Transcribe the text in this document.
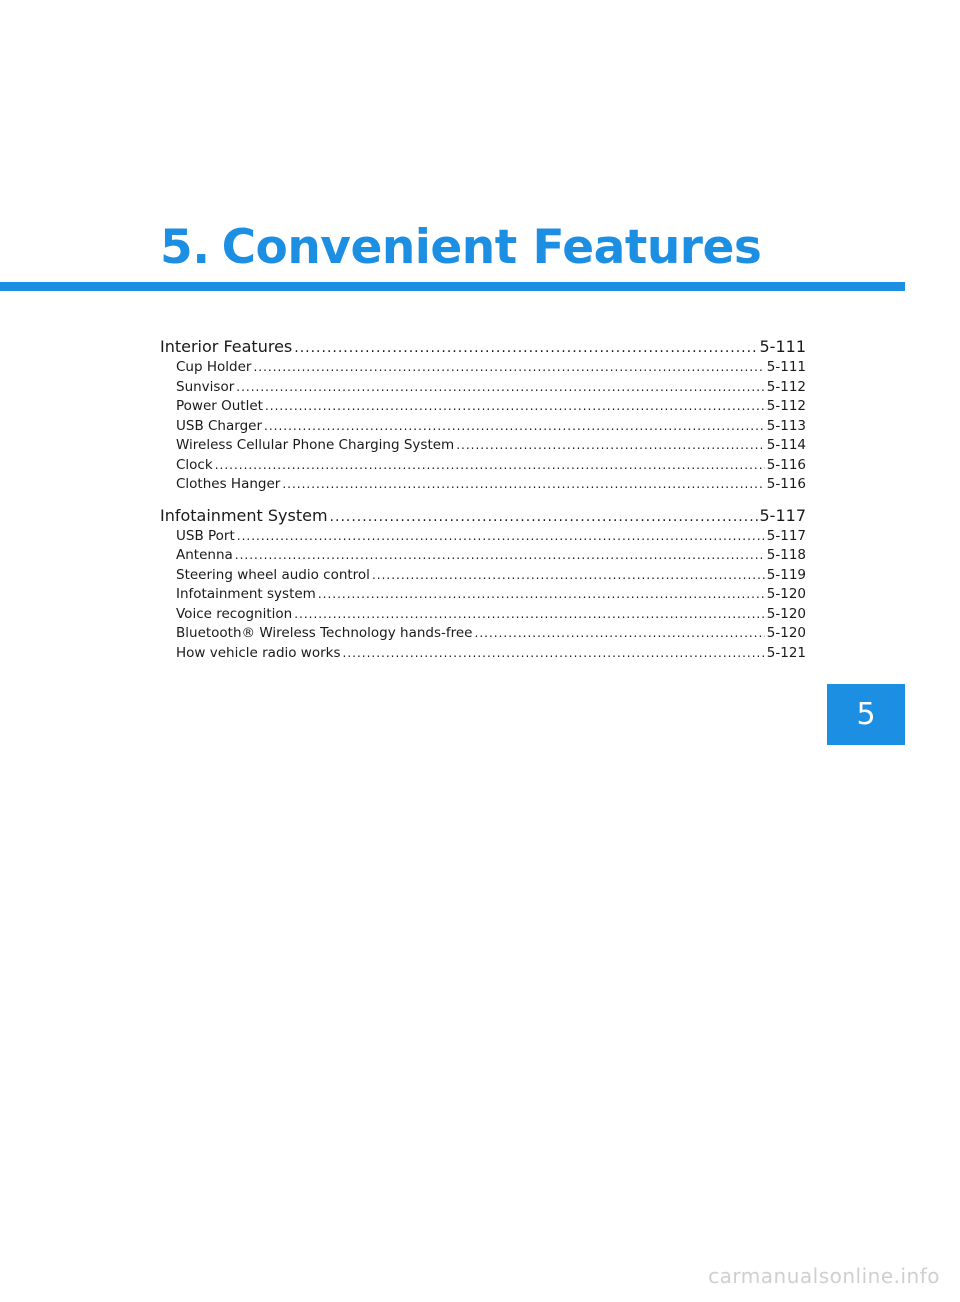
5. Convenient Features
Interior Features .....	5-111
Cup Holder .....	5-111
Sunvisor .....	5-112
Power Outlet .....	5-112
USB Charger .....	5-113
Wireless Cellular Phone Charging System .....	5-114
Clock .....	5-116
Clothes Hanger .....	5-116
Infotainment System .....	5-117
USB Port .....	5-117
Antenna .....	5-118
Steering wheel audio control .....	5-119
Infotainment system .....	5-120
Voice recognition .....	5-120
Bluetooth® Wireless Technology hands-free .....	5-120
How vehicle radio works .....	5-121
5
carmanualsonline.info
